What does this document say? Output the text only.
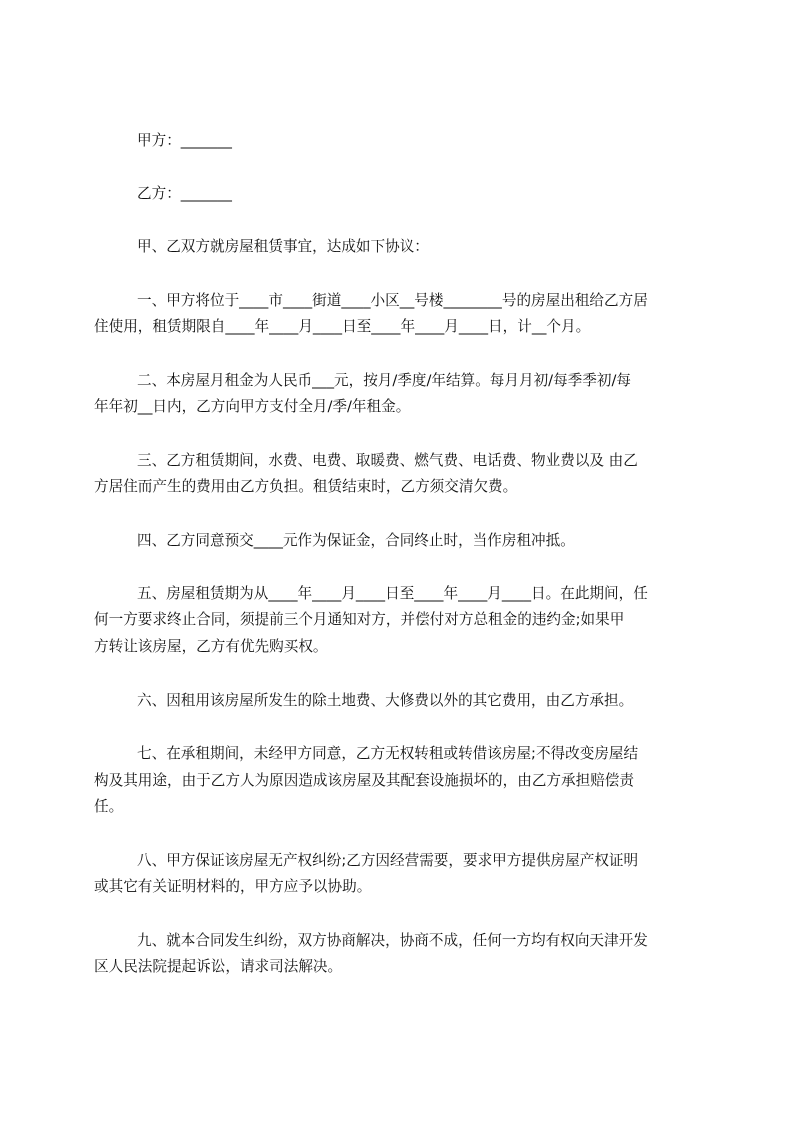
甲方：_______

乙方：_______

甲、乙双方就房屋租赁事宜，达成如下协议：

一、甲方将位于____市____街道____小区__号楼________号的房屋出租给乙方居

住使用，租赁期限自____年____月____日至____年____月____日，计__个月。

二、本房屋月租金为人民币___元，按月/季度/年结算。每月月初/每季季初/每

年年初__日内，乙方向甲方支付全月/季/年租金。

三、乙方租赁期间，水费、电费、取暖费、燃气费、电话费、物业费以及 由乙

方居住而产生的费用由乙方负担。租赁结束时，乙方须交清欠费。

四、乙方同意预交____元作为保证金，合同终止时，当作房租冲抵。

五、房屋租赁期为从____年____月____日至____年____月____日。在此期间，任

何一方要求终止合同，须提前三个月通知对方，并偿付对方总租金的违约金;如果甲

方转让该房屋，乙方有优先购买权。

六、因租用该房屋所发生的除土地费、大修费以外的其它费用，由乙方承担。

七、在承租期间，未经甲方同意，乙方无权转租或转借该房屋;不得改变房屋结

构及其用途，由于乙方人为原因造成该房屋及其配套设施损坏的，由乙方承担赔偿责

任。

八、甲方保证该房屋无产权纠纷;乙方因经营需要，要求甲方提供房屋产权证明

或其它有关证明材料的，甲方应予以协助。

九、就本合同发生纠纷，双方协商解决，协商不成，任何一方均有权向天津开发

区人民法院提起诉讼，请求司法解决。
